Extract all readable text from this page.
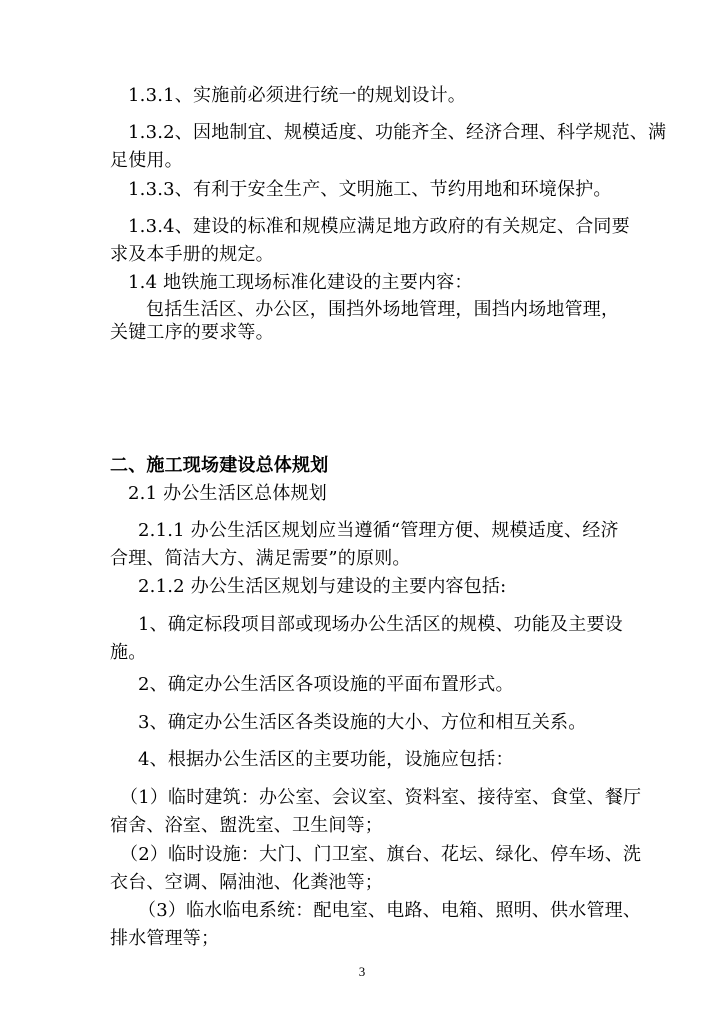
1.3.1、实施前必须进行统一的规划设计。
1.3.2、因地制宜、规模适度、功能齐全、经济合理、科学规范、满
足使用。
1.3.3、有利于安全生产、文明施工、节约用地和环境保护。
1.3.4、建设的标准和规模应满足地方政府的有关规定、合同要
求及本手册的规定。
1.4 地铁施工现场标准化建设的主要内容：
包括生活区、办公区，围挡外场地管理，围挡内场地管理，
关键工序的要求等。
二、施工现场建设总体规划
2.1 办公生活区总体规划
2.1.1 办公生活区规划应当遵循“管理方便、规模适度、经济
合理、简洁大方、满足需要”的原则。
2.1.2 办公生活区规划与建设的主要内容包括:
1、确定标段项目部或现场办公生活区的规模、功能及主要设
施。
2、确定办公生活区各项设施的平面布置形式。
3、确定办公生活区各类设施的大小、方位和相互关系。
4、根据办公生活区的主要功能，设施应包括：
（1）临时建筑：办公室、会议室、资料室、接待室、食堂、餐厅
宿舍、浴室、盥洗室、卫生间等；
（2）临时设施：大门、门卫室、旗台、花坛、绿化、停车场、洗
衣台、空调、隔油池、化粪池等；
（3）临水临电系统：配电室、电路、电箱、照明、供水管理、
排水管理等；
3
